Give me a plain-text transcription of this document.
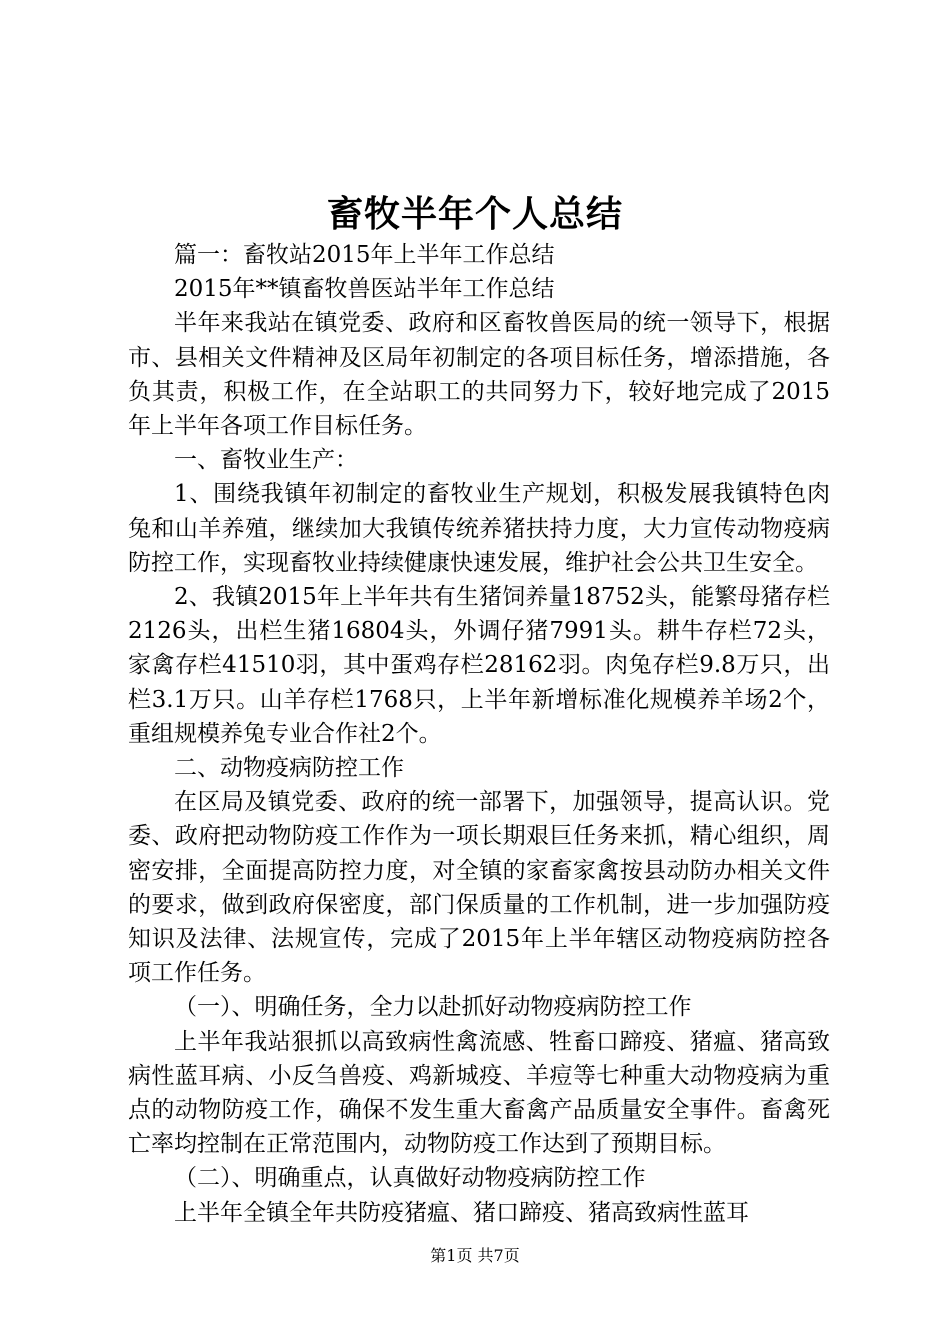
畜牧半年个人总结

篇一：畜牧站2015年上半年工作总结

2015年**镇畜牧兽医站半年工作总结

半年来我站在镇党委、政府和区畜牧兽医局的统一领导下，根据市、县相关文件精神及区局年初制定的各项目标任务，增添措施，各负其责，积极工作，在全站职工的共同努力下，较好地完成了2015年上半年各项工作目标任务。

一、畜牧业生产：

1、围绕我镇年初制定的畜牧业生产规划，积极发展我镇特色肉兔和山羊养殖，继续加大我镇传统养猪扶持力度，大力宣传动物疫病防控工作，实现畜牧业持续健康快速发展，维护社会公共卫生安全。

2、我镇2015年上半年共有生猪饲养量18752头，能繁母猪存栏2126头，出栏生猪16804头，外调仔猪7991头。耕牛存栏72头，家禽存栏41510羽，其中蛋鸡存栏28162羽。肉兔存栏9.8万只，出栏3.1万只。山羊存栏1768只，上半年新增标准化规模养羊场2个，重组规模养兔专业合作社2个。

二、动物疫病防控工作

在区局及镇党委、政府的统一部署下，加强领导，提高认识。党委、政府把动物防疫工作作为一项长期艰巨任务来抓，精心组织，周密安排，全面提高防控力度，对全镇的家畜家禽按县动防办相关文件的要求，做到政府保密度，部门保质量的工作机制，进一步加强防疫知识及法律、法规宣传，完成了2015年上半年辖区动物疫病防控各项工作任务。

（一）、明确任务，全力以赴抓好动物疫病防控工作

上半年我站狠抓以高致病性禽流感、牲畜口蹄疫、猪瘟、猪高致病性蓝耳病、小反刍兽疫、鸡新城疫、羊痘等七种重大动物疫病为重点的动物防疫工作，确保不发生重大畜禽产品质量安全事件。畜禽死亡率均控制在正常范围内，动物防疫工作达到了预期目标。

（二）、明确重点，认真做好动物疫病防控工作

上半年全镇全年共防疫猪瘟、猪口蹄疫、猪高致病性蓝耳

第1页 共7页
